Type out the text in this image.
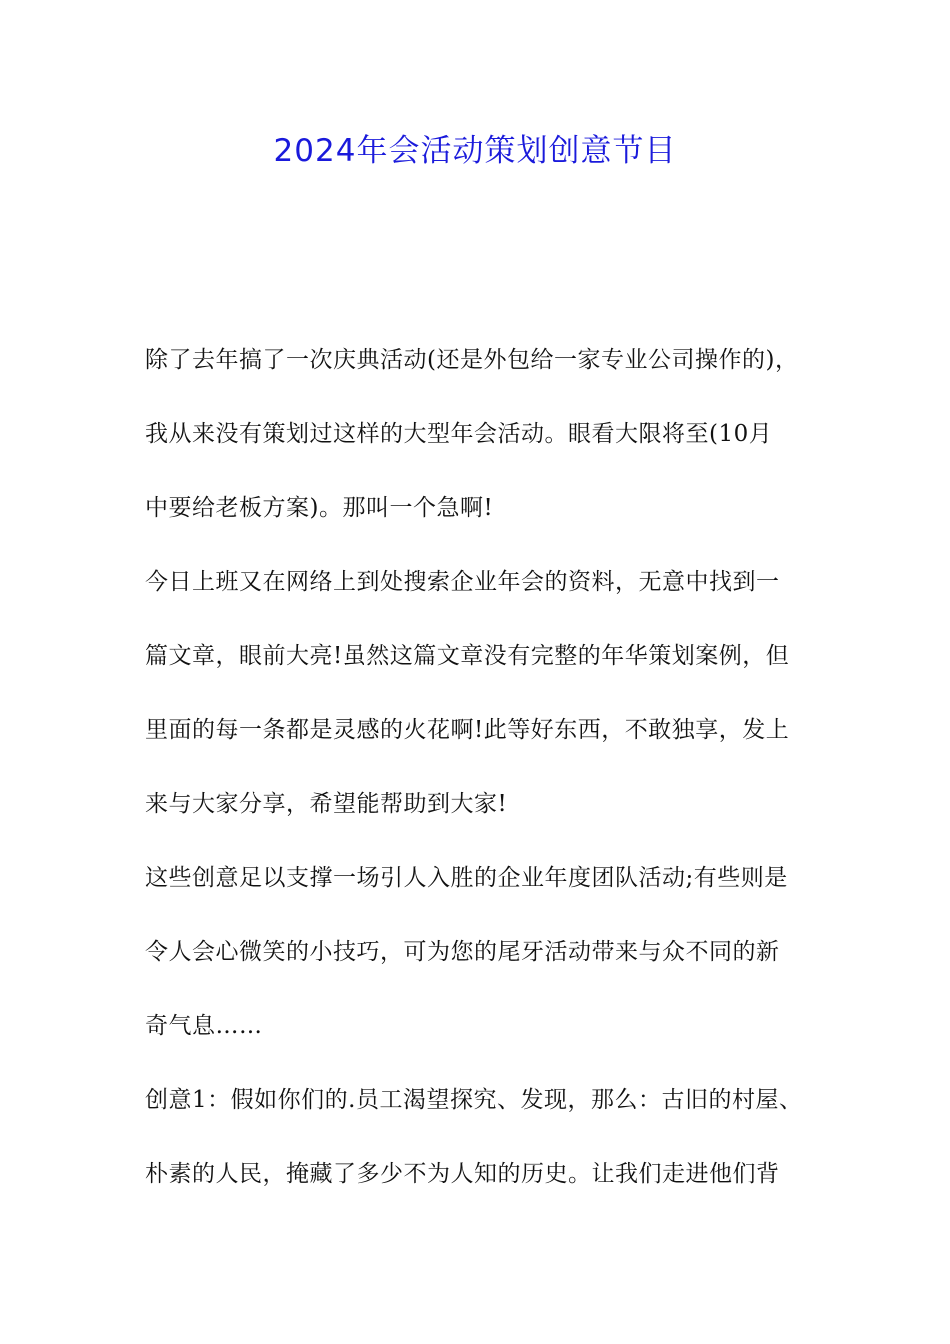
2024年会活动策划创意节目

除了去年搞了一次庆典活动(还是外包给一家专业公司操作的)，

我从来没有策划过这样的大型年会活动。眼看大限将至(10月

中要给老板方案)。那叫一个急啊!

今日上班又在网络上到处搜索企业年会的资料，无意中找到一

篇文章，眼前大亮!虽然这篇文章没有完整的年华策划案例，但

里面的每一条都是灵感的火花啊!此等好东西，不敢独享，发上

来与大家分享，希望能帮助到大家!

这些创意足以支撑一场引人入胜的企业年度团队活动;有些则是

令人会心微笑的小技巧，可为您的尾牙活动带来与众不同的新

奇气息……

创意1：假如你们的.员工渴望探究、发现，那么：古旧的村屋、

朴素的人民，掩藏了多少不为人知的历史。让我们走进他们背
